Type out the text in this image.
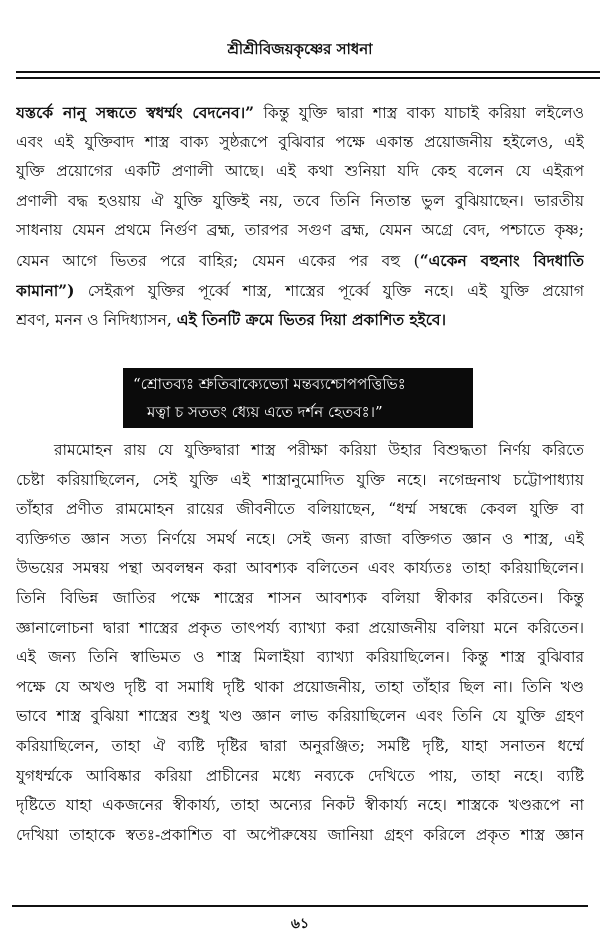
শ্রীশ্রীবিজয়কৃষ্ণের সাধনা
যস্তর্কে নানু সন্ধতে স্বধর্ম্মং বেদনেব।” কিন্তু যুক্তি দ্বারা শাস্ত্র বাক্য যাচাই করিয়া লইলেও
এবং এই যুক্তিবাদ শাস্ত্র বাক্য সুষ্ঠরূপে বুঝিবার পক্ষে একান্ত প্রয়োজনীয় হইলেও, এই
যুক্তি প্রয়োগের একটি প্রণালী আছে। এই কথা শুনিয়া যদি কেহ বলেন যে এইরূপ
প্রণালী বদ্ধ হওয়ায় ঐ যুক্তি যুক্তিই নয়, তবে তিনি নিতান্ত ভুল বুঝিয়াছেন। ভারতীয়
সাধনায় যেমন প্রথমে নির্গুণ ব্রহ্ম, তারপর সগুণ ব্রহ্ম, যেমন অগ্রে বেদ, পশ্চাতে কৃষ্ণ;
যেমন আগে ভিতর পরে বাহির; যেমন একের পর বহু (“একেন বহুনাং বিদধাতি
কামানা”) সেইরূপ যুক্তির পূর্ব্বে শাস্ত্র, শাস্ত্রের পূর্ব্বে যুক্তি নহে। এই যুক্তি প্রয়োগ
শ্রবণ, মনন ও নিদিধ্যাসন, এই তিনটি ক্রমে ভিতর দিয়া প্রকাশিত হইবে।
“শ্রোতব্যঃ শ্রুতিবাক্যেভ্যো মন্তব্যশ্চোপপত্তিভিঃ
মত্বা চ সততং ধ্যেয় এতে দর্শন হেতবঃ।”
রামমোহন রায় যে যুক্তিদ্বারা শাস্ত্র পরীক্ষা করিয়া উহার বিশুদ্ধতা নির্ণয় করিতে
চেষ্টা করিয়াছিলেন, সেই যুক্তি এই শাস্ত্রানুমোদিত যুক্তি নহে। নগেন্দ্রনাথ চট্টোপাধ্যায়
তাঁহার প্রণীত রামমোহন রায়ের জীবনীতে বলিয়াছেন, “ধর্ম্ম সম্বন্ধে কেবল যুক্তি বা
ব্যক্তিগত জ্ঞান সত্য নির্ণয়ে সমর্থ নহে। সেই জন্য রাজা বক্তিগত জ্ঞান ও শাস্ত্র, এই
উভয়ের সমন্বয় পন্থা অবলম্বন করা আবশ্যক বলিতেন এবং কার্য্যতঃ তাহা করিয়াছিলেন।
তিনি বিভিন্ন জাতির পক্ষে শাস্ত্রের শাসন আবশ্যক বলিয়া স্বীকার করিতেন। কিন্তু
জ্ঞানালোচনা দ্বারা শাস্ত্রের প্রকৃত তাৎপর্য্য ব্যাখ্যা করা প্রয়োজনীয় বলিয়া মনে করিতেন।
এই জন্য তিনি স্বাভিমত ও শাস্ত্র মিলাইয়া ব্যাখ্যা করিয়াছিলেন। কিন্তু শাস্ত্র বুঝিবার
পক্ষে যে অখণ্ড দৃষ্টি বা সমাধি দৃষ্টি থাকা প্রয়োজনীয়, তাহা তাঁহার ছিল না। তিনি খণ্ড
ভাবে শাস্ত্র বুঝিয়া শাস্ত্রের শুধু খণ্ড জ্ঞান লাভ করিয়াছিলেন এবং তিনি যে যুক্তি গ্রহণ
করিয়াছিলেন, তাহা ঐ ব্যষ্টি দৃষ্টির দ্বারা অনুরঞ্জিত; সমষ্টি দৃষ্টি, যাহা সনাতন ধর্ম্মে
যুগধর্ম্মকে আবিষ্কার করিয়া প্রাচীনের মধ্যে নব্যকে দেখিতে পায়, তাহা নহে। ব্যষ্টি
দৃষ্টিতে যাহা একজনের স্বীকার্য্য, তাহা অন্যের নিকট স্বীকার্য্য নহে। শাস্ত্রকে খণ্ডরূপে না
দেখিয়া তাহাকে স্বতঃ-প্রকাশিত বা অপৌরুষেয় জানিয়া গ্রহণ করিলে প্রকৃত শাস্ত্র জ্ঞান
৬১
